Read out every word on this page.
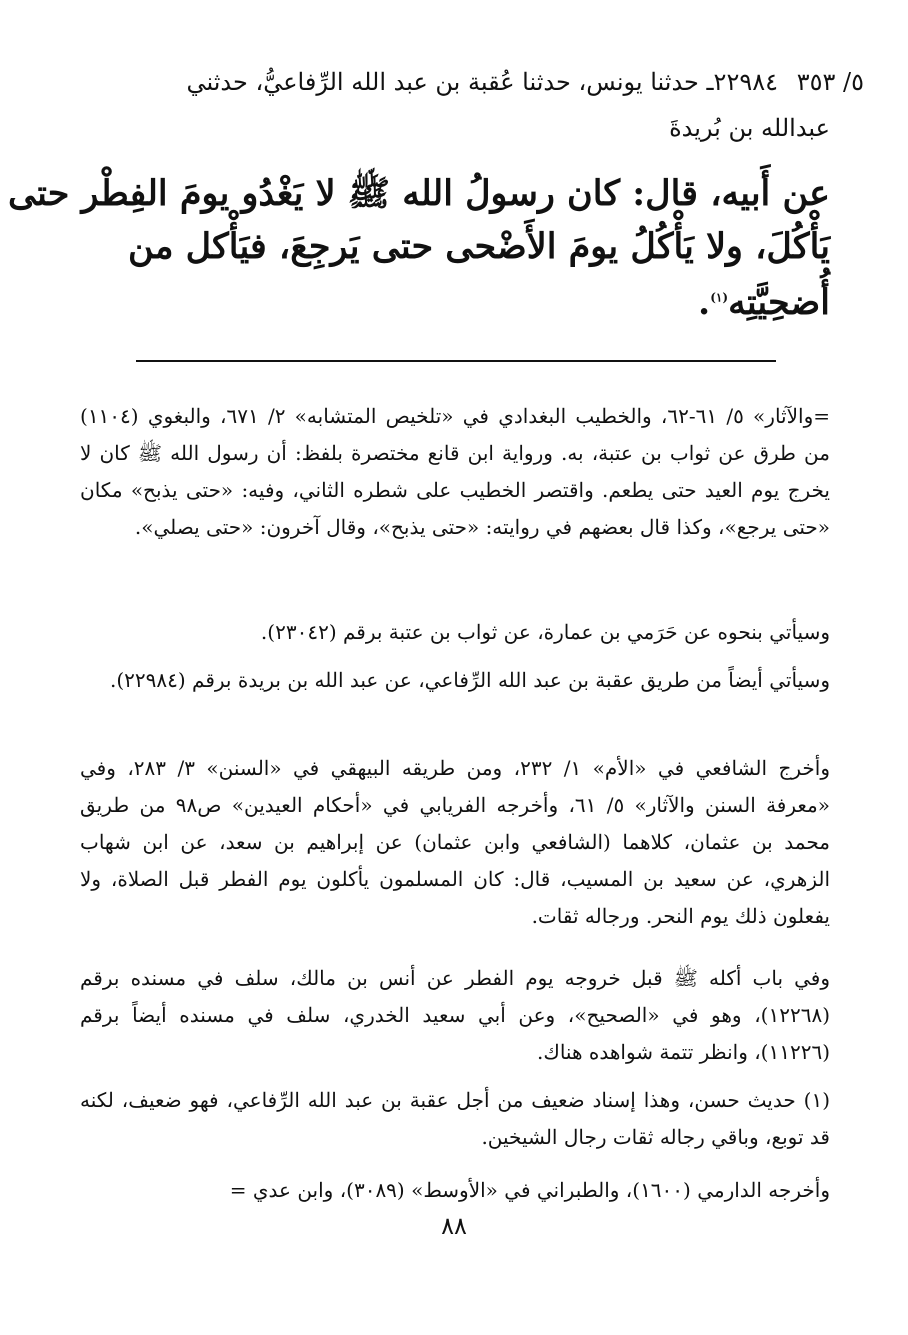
٥/ ٣٥٣
٢٢٩٨٤ـ حدثنا يونس، حدثنا عُقبة بن عبد الله الرِّفاعيُّ، حدثني
عبدالله بن بُريدةَ
عن أَبيه، قال: كان رسولُ الله ﷺ لا يَغْدُو يومَ الفِطْر حتى
يَأْكُلَ، ولا يَأْكُلُ يومَ الأَضْحى حتى يَرجِعَ، فيَأْكل من
أُضحِيَّتِه$^{(١)}$.

=والآثار» ٥/ ٦١-٦٢، والخطيب البغدادي في «تلخيص المتشابه» ٢/ ٦٧١، والبغوي (١١٠٤) من طرق عن ثواب بن عتبة، به. ورواية ابن قانع مختصرة بلفظ: أن رسول الله ﷺ كان لا يخرج يوم العيد حتى يطعم. واقتصر الخطيب على شطره الثاني، وفيه: «حتى يذبح» مكان «حتى يرجع»، وكذا قال بعضهم في روايته: «حتى يذبح»، وقال آخرون: «حتى يصلي».

وسيأتي بنحوه عن حَرَمي بن عمارة، عن ثواب بن عتبة برقم (٢٣٠٤٢).

وسيأتي أيضاً من طريق عقبة بن عبد الله الرِّفاعي، عن عبد الله بن بريدة برقم (٢٢٩٨٤).

وأخرج الشافعي في «الأم» ١/ ٢٣٢، ومن طريقه البيهقي في «السنن» ٣/ ٢٨٣، وفي «معرفة السنن والآثار» ٥/ ٦١، وأخرجه الفريابي في «أحكام العيدين» ص٩٨ من طريق محمد بن عثمان، كلاهما (الشافعي وابن عثمان) عن إبراهيم بن سعد، عن ابن شهاب الزهري، عن سعيد بن المسيب، قال: كان المسلمون يأكلون يوم الفطر قبل الصلاة، ولا يفعلون ذلك يوم النحر. ورجاله ثقات.

وفي باب أكله ﷺ قبل خروجه يوم الفطر عن أنس بن مالك، سلف في مسنده برقم (١٢٢٦٨)، وهو في «الصحيح»، وعن أبي سعيد الخدري، سلف في مسنده أيضاً برقم (١١٢٢٦)، وانظر تتمة شواهده هناك.

(١) حديث حسن، وهذا إسناد ضعيف من أجل عقبة بن عبد الله الرِّفاعي، فهو ضعيف، لكنه قد توبع، وباقي رجاله ثقات رجال الشيخين.

وأخرجه الدارمي (١٦٠٠)، والطبراني في «الأوسط» (٣٠٨٩)، وابن عدي =

٨٨
